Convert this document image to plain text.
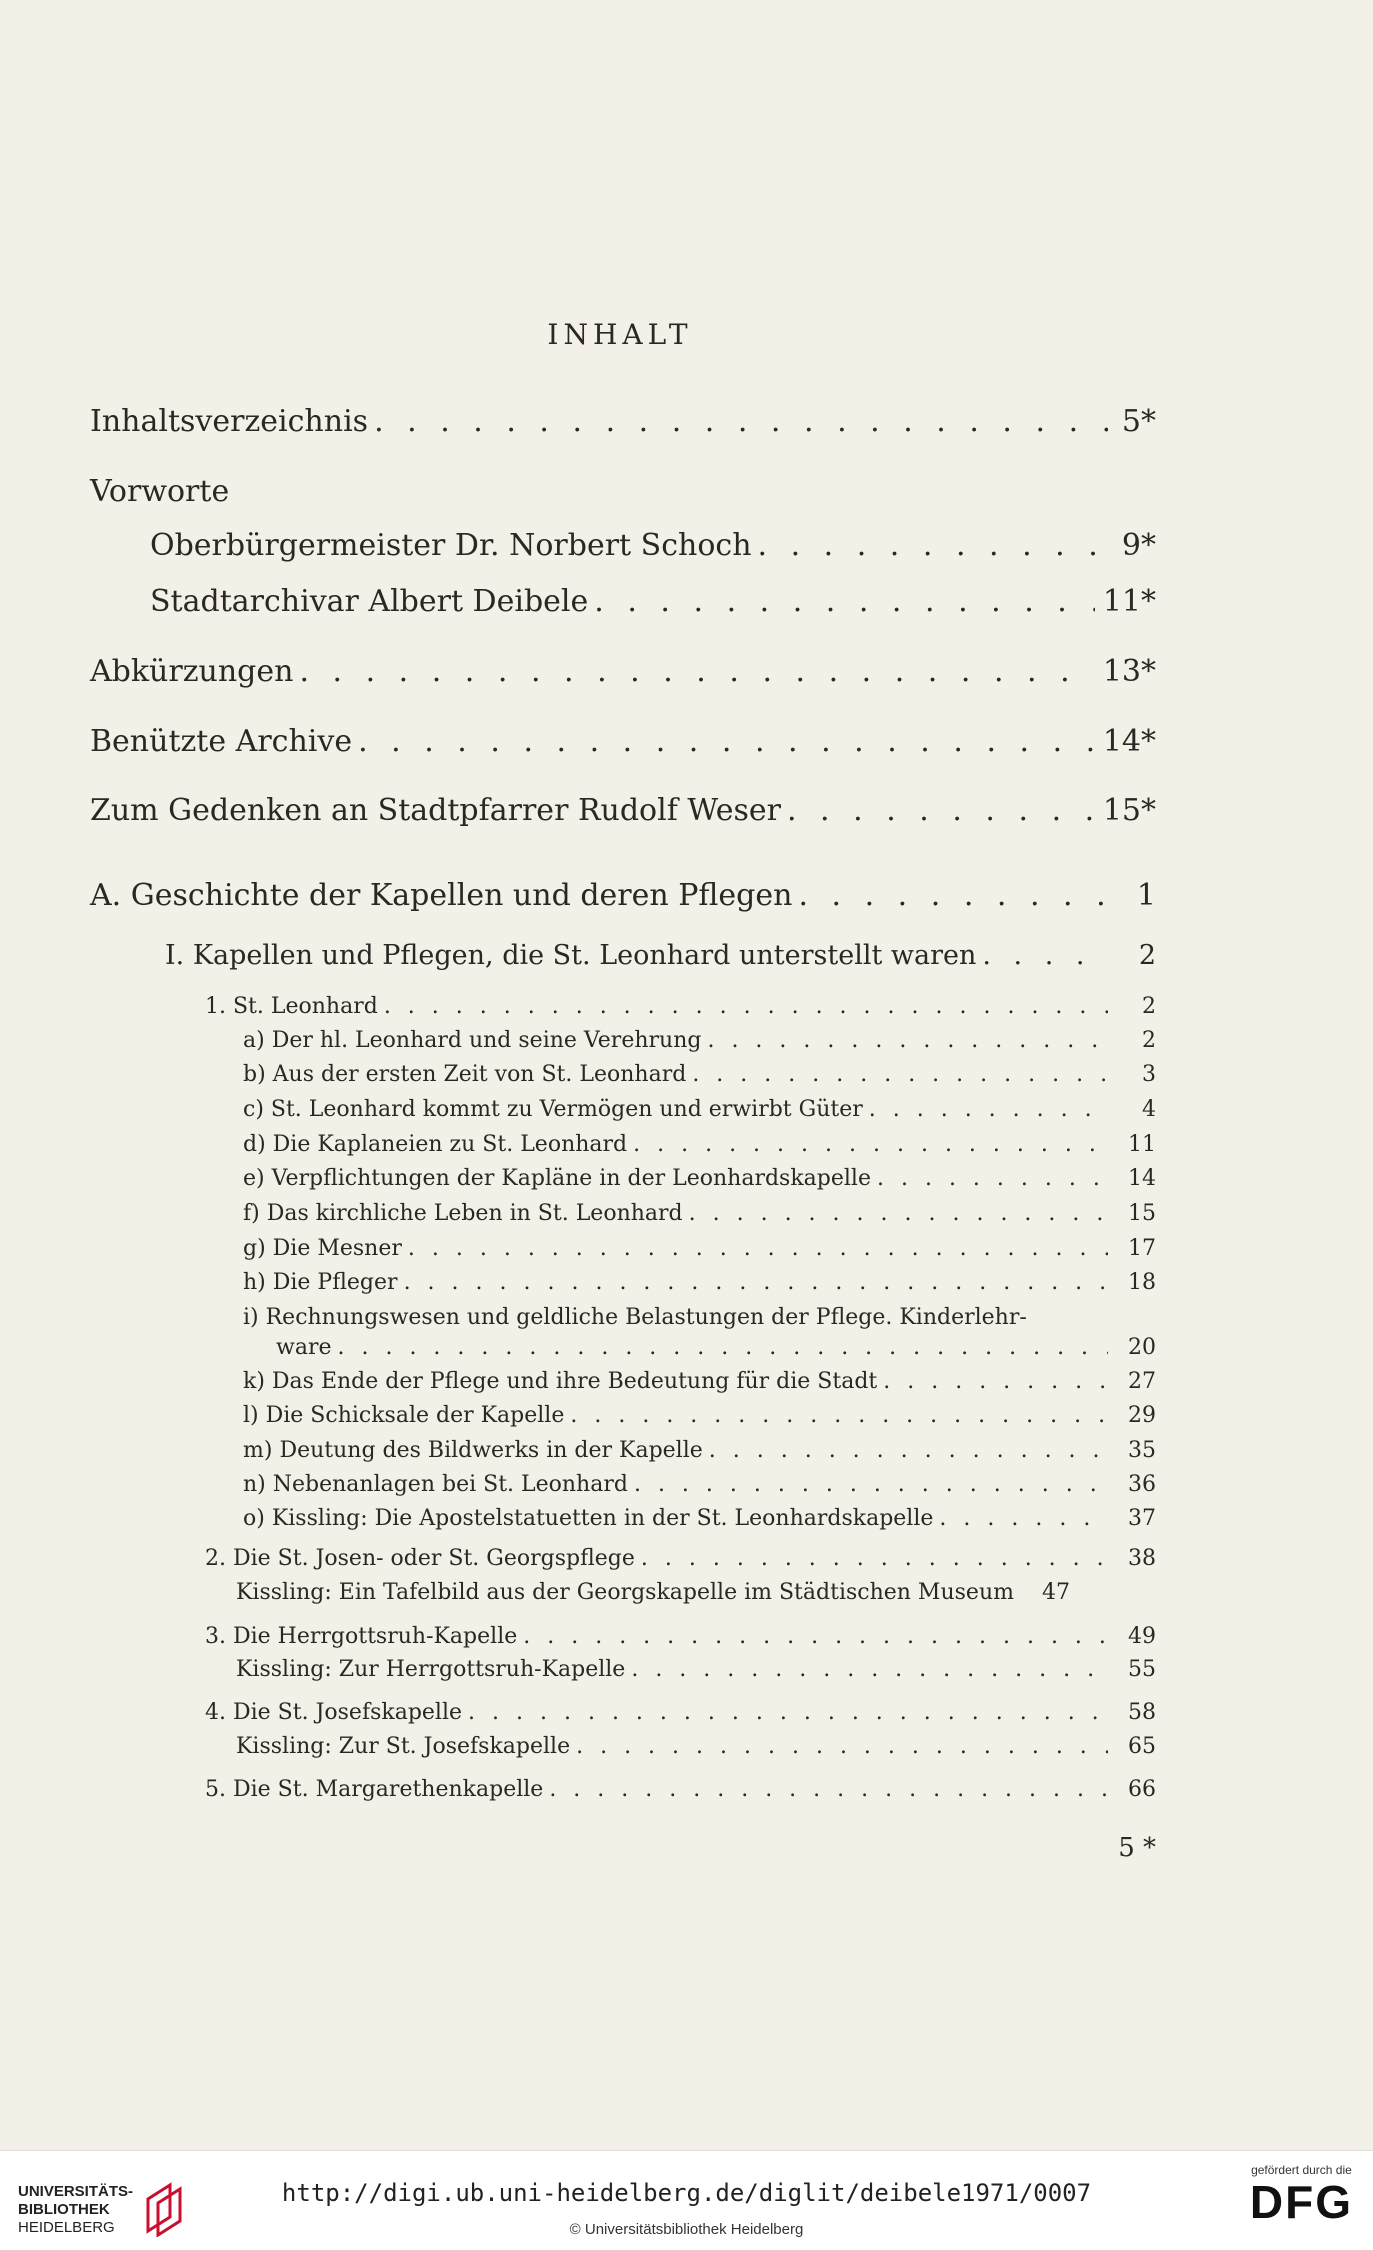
INHALT
Inhaltsverzeichnis . . .	5*
Vorworte
Oberbürgermeister Dr. Norbert Schoch . . .	9*
Stadtarchivar Albert Deibele . . .	11*
Abkürzungen . . .	13*
Benützte Archive . . .	14*
Zum Gedenken an Stadtpfarrer Rudolf Weser . . .	15*
A. Geschichte der Kapellen und deren Pflegen . . .	1
I. Kapellen und Pflegen, die St. Leonhard unterstellt waren . . .	2
1. St. Leonhard . . .	2
a) Der hl. Leonhard und seine Verehrung . . .	2
b) Aus der ersten Zeit von St. Leonhard . . .	3
c) St. Leonhard kommt zu Vermögen und erwirbt Güter . . .	4
d) Die Kaplaneien zu St. Leonhard . . .	11
e) Verpflichtungen der Kapläne in der Leonhardskapelle . . .	14
f) Das kirchliche Leben in St. Leonhard . . .	15
g) Die Mesner . . .	17
h) Die Pfleger . . .	18
i) Rechnungswesen und geldliche Belastungen der Pflege. Kinderlehr-
ware . . .	20
k) Das Ende der Pflege und ihre Bedeutung für die Stadt . . .	27
l) Die Schicksale der Kapelle . . .	29
m) Deutung des Bildwerks in der Kapelle . . .	35
n) Nebenanlagen bei St. Leonhard . . .	36
o) Kissling: Die Apostelstatuetten in der St. Leonhardskapelle . . .	37
2. Die St. Josen- oder St. Georgspflege . . .	38
Kissling: Ein Tafelbild aus der Georgskapelle im Städtischen Museum	47
3. Die Herrgottsruh-Kapelle . . .	49
Kissling: Zur Herrgottsruh-Kapelle . . .	55
4. Die St. Josefskapelle . . .	58
Kissling: Zur St. Josefskapelle . . .	65
5. Die St. Margarethenkapelle . . .	66
5 *
UNIVERSITÄTS-
BIBLIOTHEK
HEIDELBERG
http://digi.ub.uni-heidelberg.de/diglit/deibele1971/0007
© Universitätsbibliothek Heidelberg
gefördert durch die
DFG
